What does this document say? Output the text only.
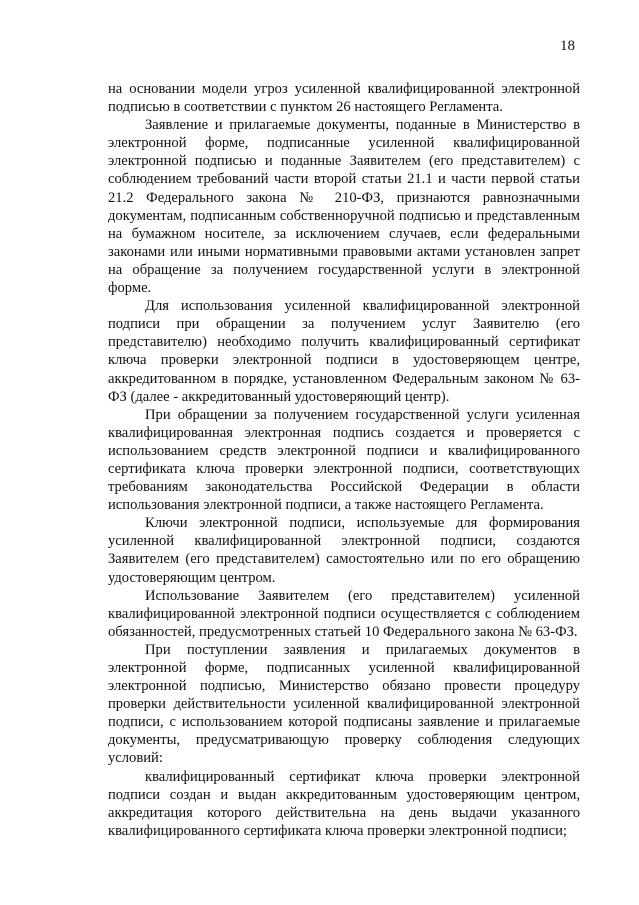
18

на основании модели угроз усиленной квалифицированной электронной подписью в соответствии с пунктом 26 настоящего Регламента.

Заявление и прилагаемые документы, поданные в Министерство в электронной форме, подписанные усиленной квалифицированной электронной подписью и поданные Заявителем (его представителем) с соблюдением требований части второй статьи 21.1 и части первой статьи 21.2 Федерального закона № 210-ФЗ, признаются равнозначными документам, подписанным собственноручной подписью и представленным на бумажном носителе, за исключением случаев, если федеральными законами или иными нормативными правовыми актами установлен запрет на обращение за получением государственной услуги в электронной форме.

Для использования усиленной квалифицированной электронной подписи при обращении за получением услуг Заявителю (его представителю) необходимо получить квалифицированный сертификат ключа проверки электронной подписи в удостоверяющем центре, аккредитованном в порядке, установленном Федеральным законом № 63-ФЗ (далее - аккредитованный удостоверяющий центр).

При обращении за получением государственной услуги усиленная квалифицированная электронная подпись создается и проверяется с использованием средств электронной подписи и квалифицированного сертификата ключа проверки электронной подписи, соответствующих требованиям законодательства Российской Федерации в области использования электронной подписи, а также настоящего Регламента.

Ключи электронной подписи, используемые для формирования усиленной квалифицированной электронной подписи, создаются Заявителем (его представителем) самостоятельно или по его обращению удостоверяющим центром.

Использование Заявителем (его представителем) усиленной квалифицированной электронной подписи осуществляется с соблюдением обязанностей, предусмотренных статьей 10 Федерального закона № 63-ФЗ.

При поступлении заявления и прилагаемых документов в электронной форме, подписанных усиленной квалифицированной электронной подписью, Министерство обязано провести процедуру проверки действительности усиленной квалифицированной электронной подписи, с использованием которой подписаны заявление и прилагаемые документы, предусматривающую проверку соблюдения следующих условий:

квалифицированный сертификат ключа проверки электронной подписи создан и выдан аккредитованным удостоверяющим центром, аккредитация которого действительна на день выдачи указанного квалифицированного сертификата ключа проверки электронной подписи;
